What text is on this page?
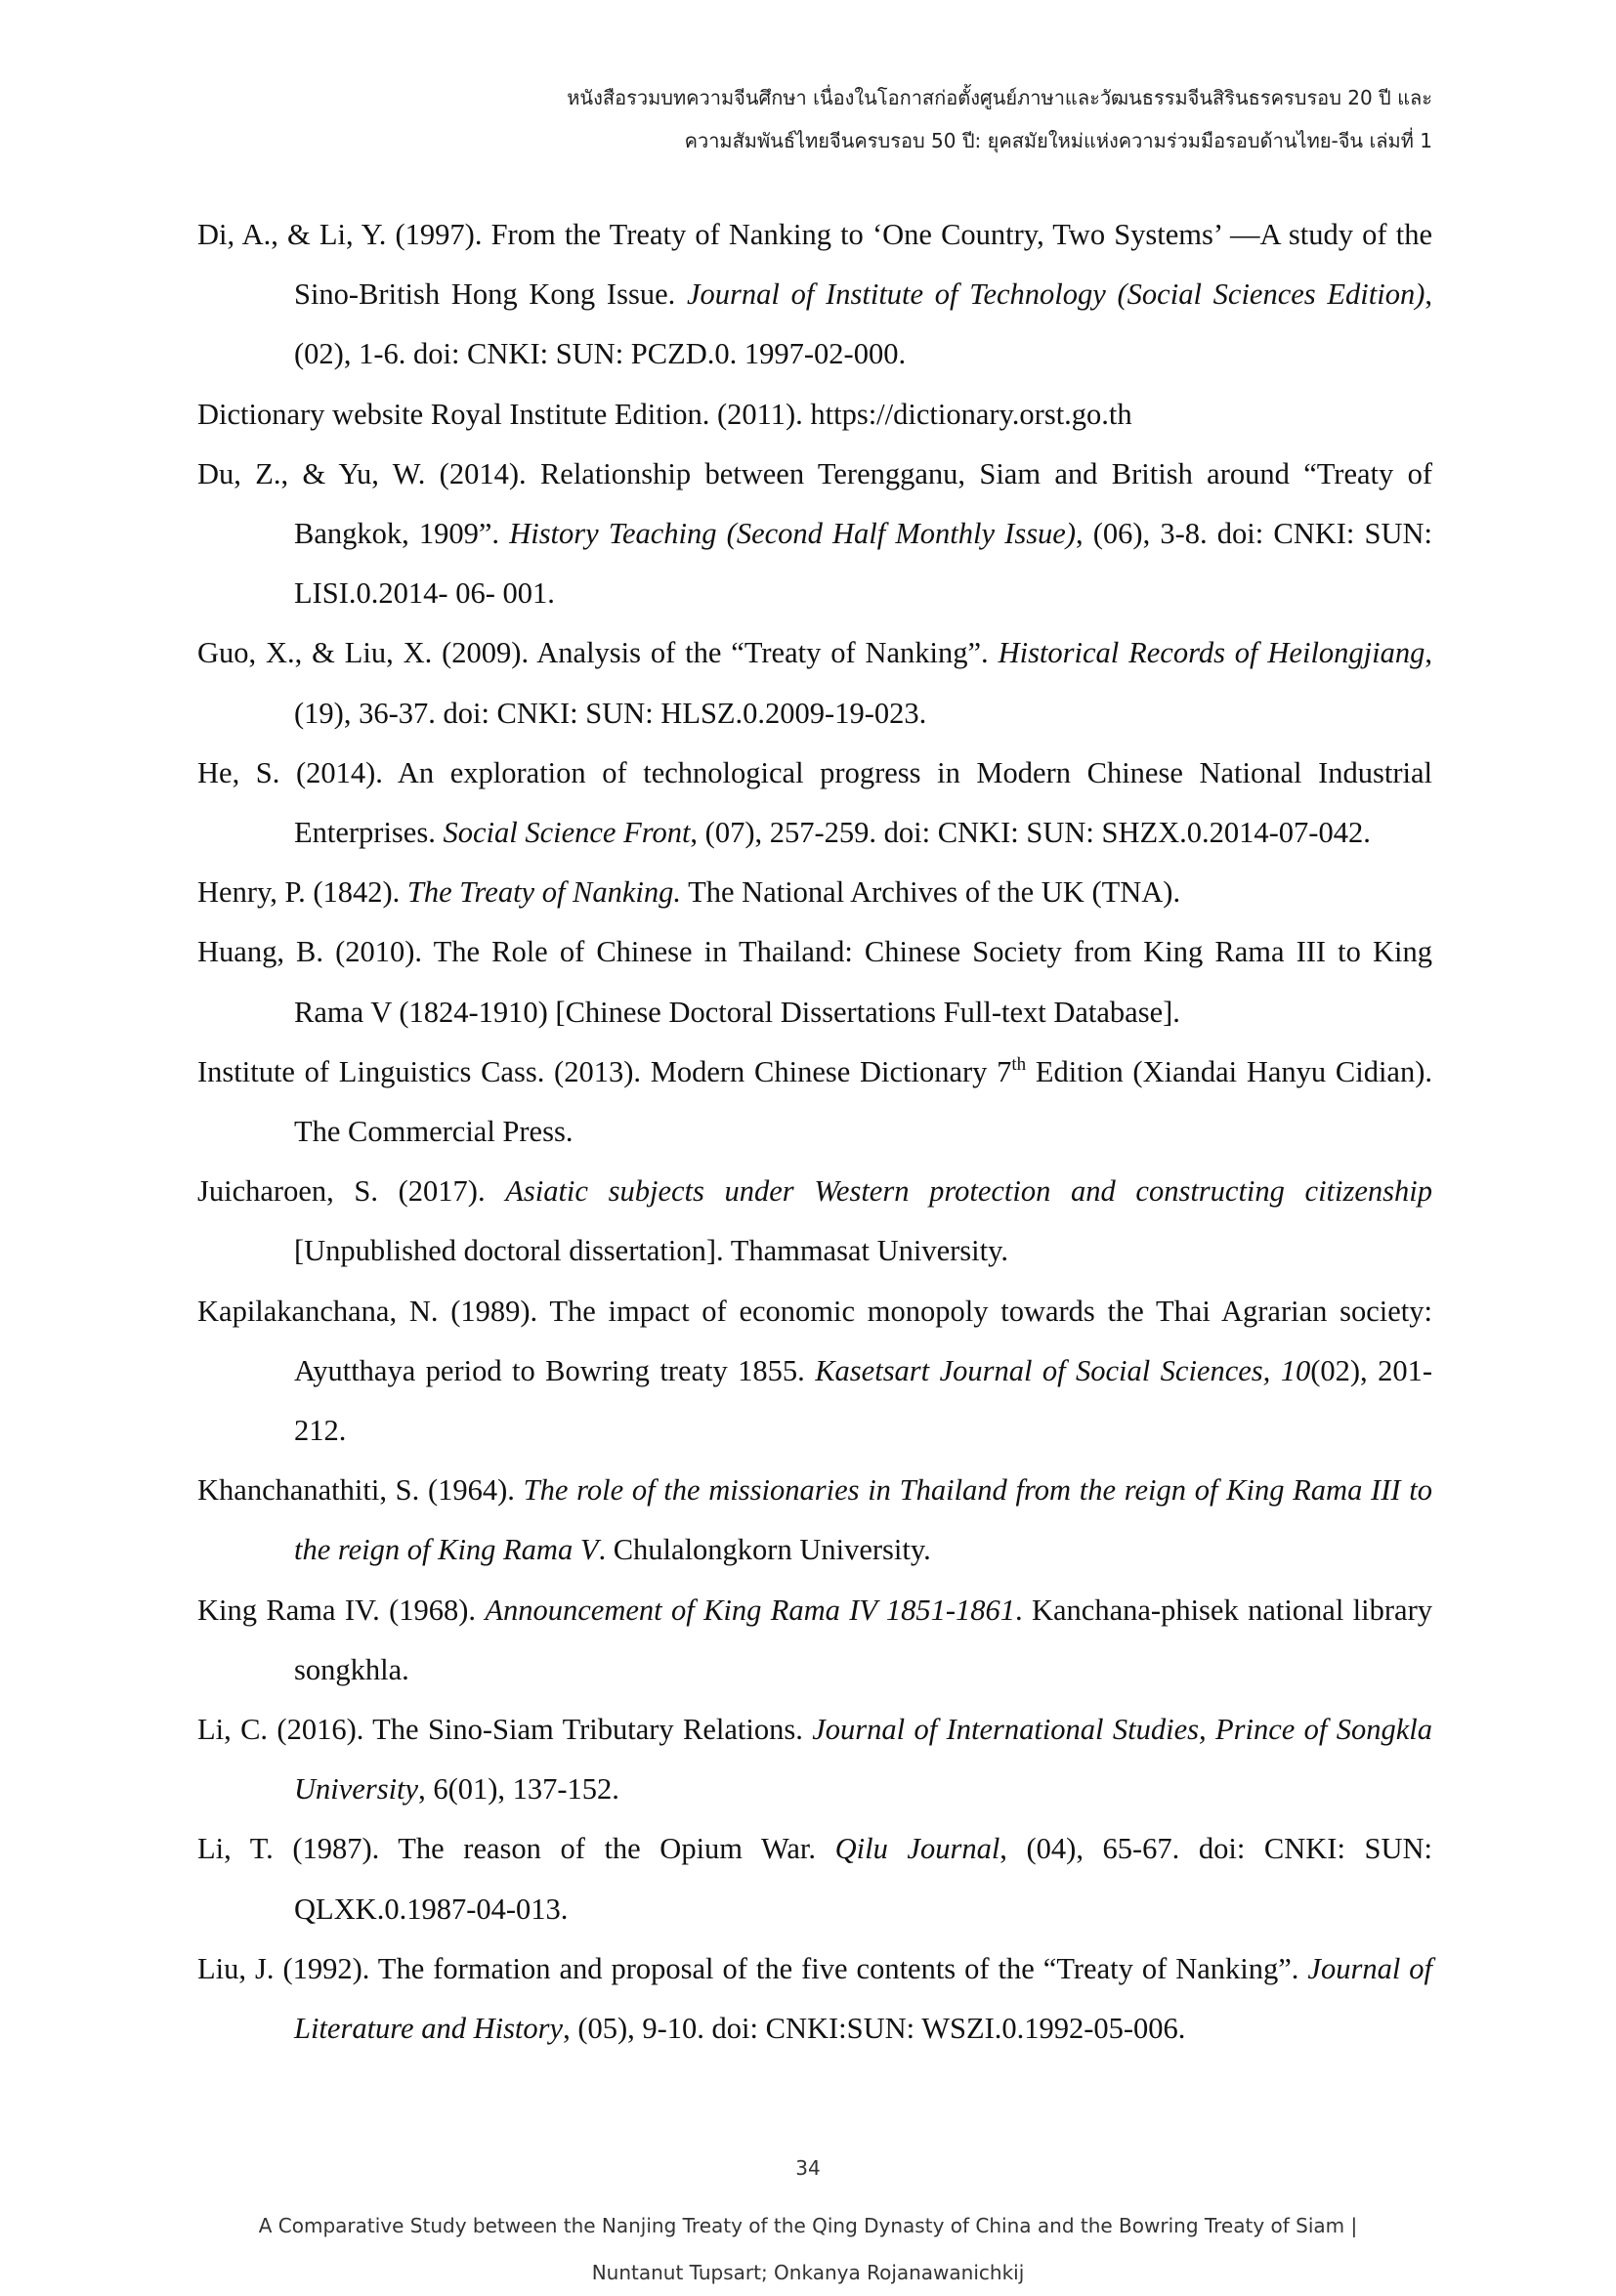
หนังสือรวมบทความจีนศึกษา เนื่องในโอกาสก่อตั้งศูนย์ภาษาและวัฒนธรรมจีนสิรินธรครบรอบ 20 ปี และ
ความสัมพันธ์ไทยจีนครบรอบ 50 ปี: ยุคสมัยใหม่แห่งความร่วมมือรอบด้านไทย-จีน เล่มที่ 1
Di, A., & Li, Y. (1997). From the Treaty of Nanking to ‘One Country, Two Systems’ —A study of the Sino-British Hong Kong Issue. Journal of Institute of Technology (Social Sciences Edition), (02), 1-6. doi: CNKI: SUN: PCZD.0. 1997-02-000.
Dictionary website Royal Institute Edition. (2011). https://dictionary.orst.go.th
Du, Z., & Yu, W. (2014). Relationship between Terengganu, Siam and British around “Treaty of Bangkok, 1909”. History Teaching (Second Half Monthly Issue), (06), 3-8. doi: CNKI: SUN: LISI.0.2014- 06- 001.
Guo, X., & Liu, X. (2009). Analysis of the “Treaty of Nanking”. Historical Records of Heilongjiang, (19), 36-37. doi: CNKI: SUN: HLSZ.0.2009-19-023.
He, S. (2014). An exploration of technological progress in Modern Chinese National Industrial Enterprises. Social Science Front, (07), 257-259. doi: CNKI: SUN: SHZX.0.2014-07-042.
Henry, P. (1842). The Treaty of Nanking. The National Archives of the UK (TNA).
Huang, B. (2010). The Role of Chinese in Thailand: Chinese Society from King Rama III to King Rama V (1824-1910) [Chinese Doctoral Dissertations Full-text Database].
Institute of Linguistics Cass. (2013). Modern Chinese Dictionary 7th Edition (Xiandai Hanyu Cidian). The Commercial Press.
Juicharoen, S. (2017). Asiatic subjects under Western protection and constructing citizenship [Unpublished doctoral dissertation]. Thammasat University.
Kapilakanchana, N. (1989). The impact of economic monopoly towards the Thai Agrarian society: Ayutthaya period to Bowring treaty 1855. Kasetsart Journal of Social Sciences, 10(02), 201-212.
Khanchanathiti, S. (1964). The role of the missionaries in Thailand from the reign of King Rama III to the reign of King Rama V. Chulalongkorn University.
King Rama IV. (1968). Announcement of King Rama IV 1851-1861. Kanchana-phisek national library songkhla.
Li, C. (2016). The Sino-Siam Tributary Relations. Journal of International Studies, Prince of Songkla University, 6(01), 137-152.
Li, T. (1987). The reason of the Opium War. Qilu Journal, (04), 65-67. doi: CNKI: SUN: QLXK.0.1987-04-013.
Liu, J. (1992). The formation and proposal of the five contents of the “Treaty of Nanking”. Journal of Literature and History, (05), 9-10. doi: CNKI:SUN: WSZI.0.1992-05-006.
34
A Comparative Study between the Nanjing Treaty of the Qing Dynasty of China and the Bowring Treaty of Siam |
Nuntanut Tupsart; Onkanya Rojanawanichkij
